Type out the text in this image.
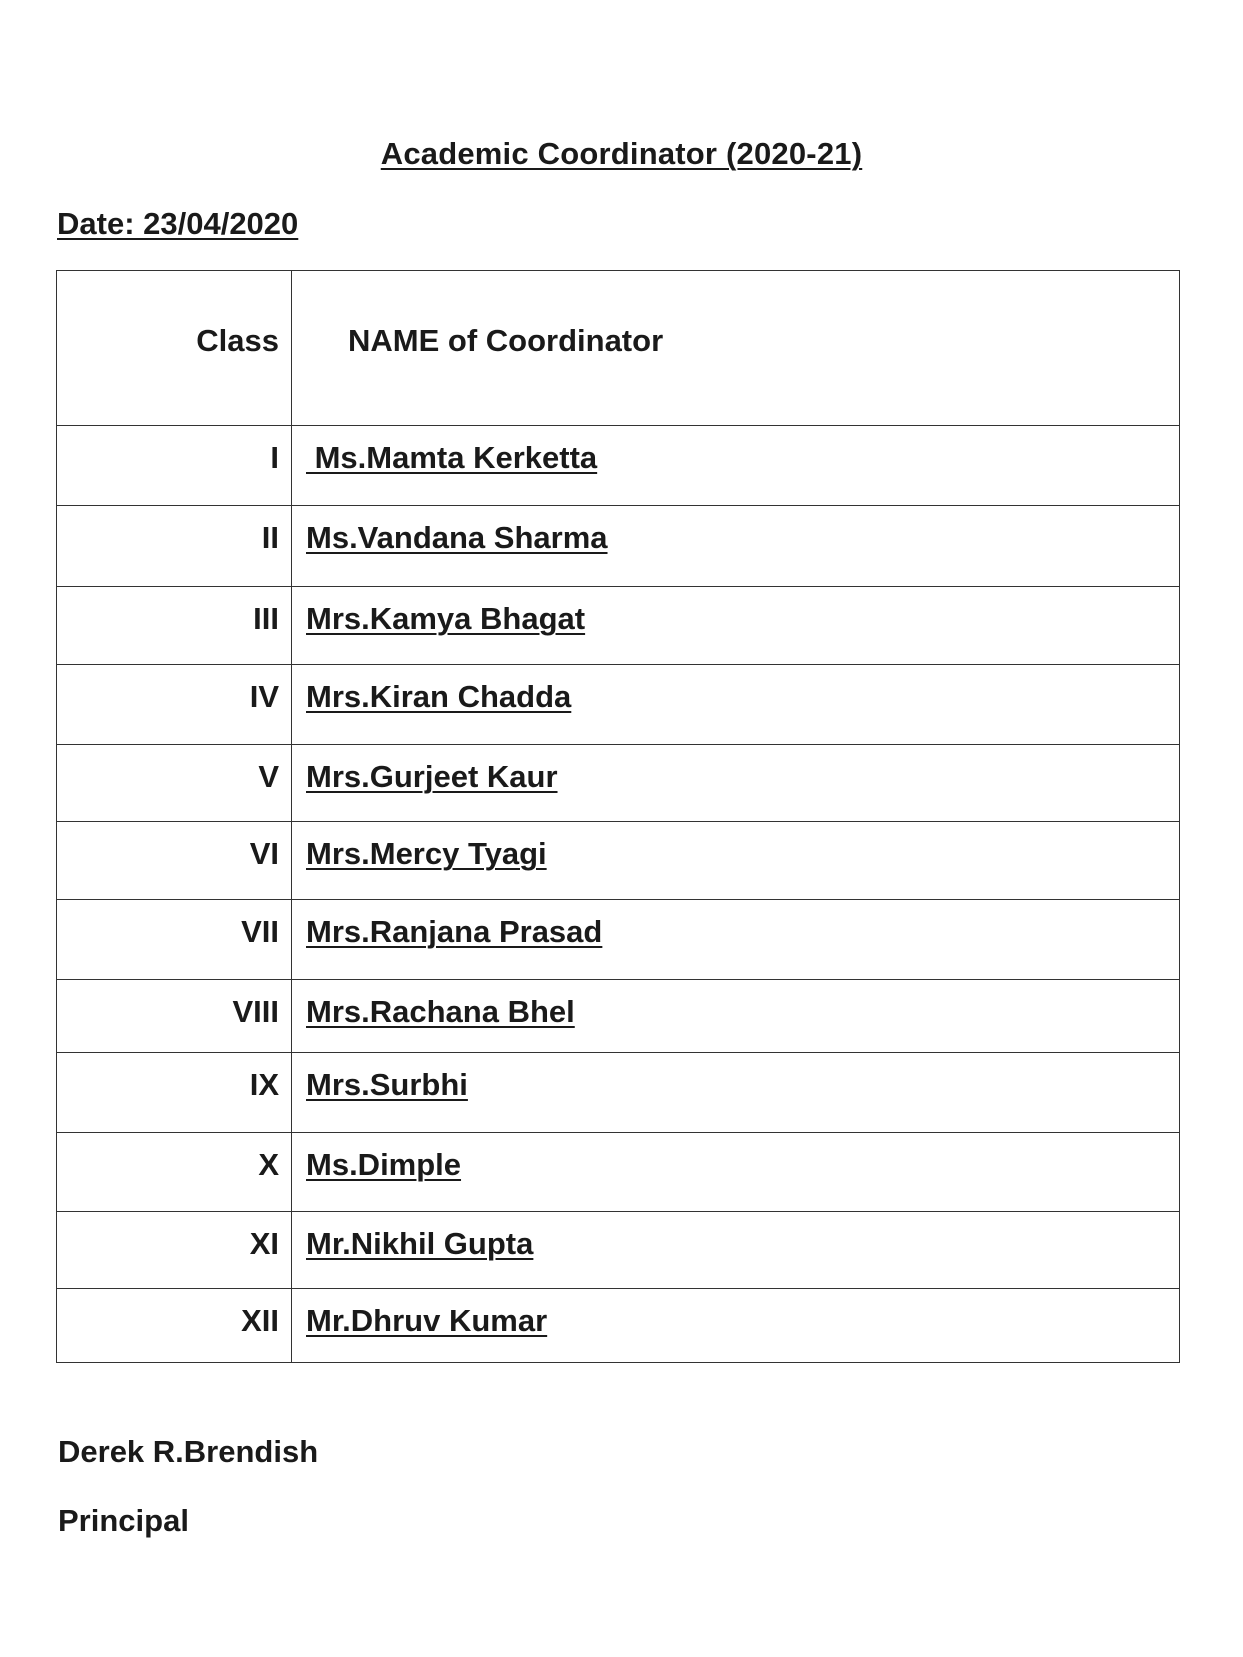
Academic Coordinator (2020-21)
Date: 23/04/2020
Class	NAME of Coordinator
I	Ms.Mamta Kerketta
II	Ms.Vandana Sharma
III	Mrs.Kamya Bhagat
IV	Mrs.Kiran Chadda
V	Mrs.Gurjeet Kaur
VI	Mrs.Mercy Tyagi
VII	Mrs.Ranjana Prasad
VIII	Mrs.Rachana Bhel
IX	Mrs.Surbhi
X	Ms.Dimple
XI	Mr.Nikhil Gupta
XII	Mr.Dhruv Kumar
Derek R.Brendish
Principal
